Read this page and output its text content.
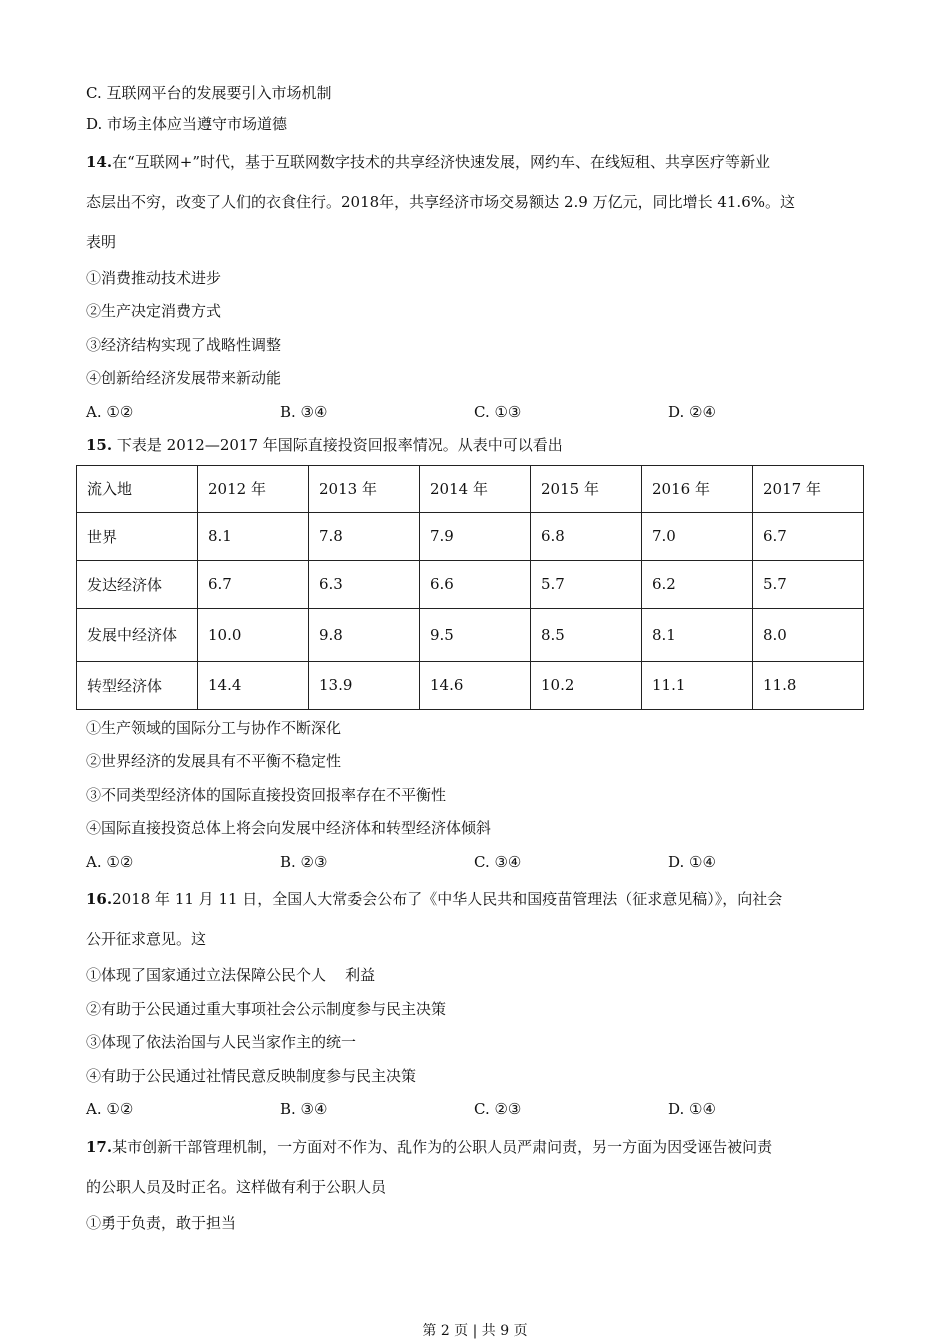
C. 互联网平台的发展要引入市场机制
D. 市场主体应当遵守市场道德
14.在“互联网+”时代，基于互联网数字技术的共享经济快速发展，网约车、在线短租、共享医疗等新业
态层出不穷，改变了人们的衣食住行。2018年，共享经济市场交易额达 2.9 万亿元，同比增长 41.6%。这
表明
①消费推动技术进步
②生产决定消费方式
③经济结构实现了战略性调整
④创新给经济发展带来新动能
A. ①②	B. ③④	C. ①③	D. ②④
15. 下表是 2012—2017 年国际直接投资回报率情况。从表中可以看出
流入地	2012 年	2013 年	2014 年	2015 年	2016 年	2017 年
世界	8.1	7.8	7.9	6.8	7.0	6.7
发达经济体	6.7	6.3	6.6	5.7	6.2	5.7
发展中经济体	10.0	9.8	9.5	8.5	8.1	8.0
转型经济体	14.4	13.9	14.6	10.2	11.1	11.8
①生产领域的国际分工与协作不断深化
②世界经济的发展具有不平衡不稳定性
③不同类型经济体的国际直接投资回报率存在不平衡性
④国际直接投资总体上将会向发展中经济体和转型经济体倾斜
A. ①②	B. ②③	C. ③④	D. ①④
16.2018 年 11 月 11 日，全国人大常委会公布了《中华人民共和国疫苗管理法（征求意见稿）》，向社会
公开征求意见。这
①体现了国家通过立法保障公民个人    利益
②有助于公民通过重大事项社会公示制度参与民主决策
③体现了依法治国与人民当家作主的统一
④有助于公民通过社情民意反映制度参与民主决策
A. ①②	B. ③④	C. ②③	D. ①④
17.某市创新干部管理机制，一方面对不作为、乱作为的公职人员严肃问责，另一方面为因受诬告被问责
的公职人员及时正名。这样做有利于公职人员
①勇于负责，敢于担当
第 2 页 | 共 9 页
